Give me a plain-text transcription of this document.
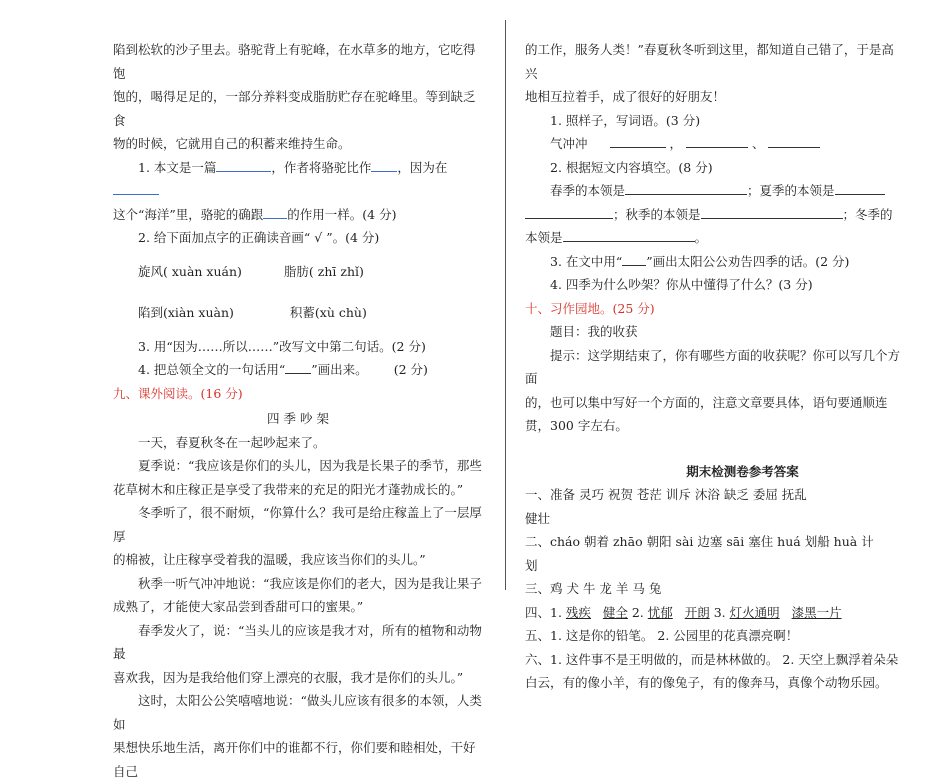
陷到松软的沙子里去。骆驼背上有驼峰，在水草多的地方，它吃得饱

饱的，喝得足足的，一部分养料变成脂肪贮存在驼峰里。等到缺乏食

物的时候，它就用自己的积蓄来维持生命。

1. 本文是一篇	，作者将骆驼比作 ，因为在

这个“海洋”里，骆驼的确跟 的作用一样。(4 分)

2. 给下面加点字的正确读音画“ √ ”。(4 分)

旋风( xuàn xuán)	脂肪( zhī zhǐ)

陷到(xiàn xuàn)	积蓄(xù chù)

3. 用“因为……所以……”改写文中第二句话。(2 分)

4. 把总领全文的一句话用“ ”画出来。 (2 分)

九、课外阅读。(16 分)

四 季 吵 架

一天，春夏秋冬在一起吵起来了。

夏季说：“我应该是你们的头儿，因为我是长果子的季节，那些

花草树木和庄稼正是享受了我带来的充足的阳光才蓬勃成长的。”

冬季听了，很不耐烦，“你算什么？我可是给庄稼盖上了一层厚厚

的棉被，让庄稼享受着我的温暖，我应该当你们的头儿。”

秋季一听气冲冲地说：“我应该是你们的老大，因为是我让果子

成熟了，才能使大家品尝到香甜可口的蜜果。”

春季发火了，说：“当头儿的应该是我才对，所有的植物和动物最

喜欢我，因为是我给他们穿上漂亮的衣服，我才是你们的头儿。”

这时，太阳公公笑嘻嘻地说：“做头儿应该有很多的本领，人类如

果想快乐地生活，离开你们中的谁都不行，你们要和睦相处，干好自己

的工作，服务人类！”春夏秋冬听到这里，都知道自己错了，于是高兴

地相互拉着手，成了很好的好朋友！

1. 照样子，写词语。(3 分)

气冲冲	，	、

2. 根据短文内容填空。(8 分)

春季的本领是	；夏季的本领是

；秋季的本领是	；冬季的

本领是	。

3. 在文中用“ ”画出太阳公公劝告四季的话。(2 分)

4. 四季为什么吵架？你从中懂得了什么？(3 分)

十、习作园地。(25 分)

题目：我的收获

提示：这学期结束了，你有哪些方面的收获呢？你可以写几个方面

的，也可以集中写好一个方面的，注意文章要具体，语句要通顺连

贯，300 字左右。

期末检测卷参考答案

一、准备 灵巧 祝贺 苍茫 训斥 沐浴 缺乏 委屈 抚乱

健壮

二、cháo 朝着 zhāo 朝阳 sài 边塞 sāi 塞住 huá 划船 huà 计

划

三、鸡 犬 牛 龙 羊 马 兔

四、1. 残疾 健全 2. 忧郁 开朗 3. 灯火通明 漆黑一片

五、1. 这是你的铅笔。 2. 公园里的花真漂亮啊！

六、1. 这件事不是王明做的，而是林林做的。 2. 天空上飘浮着朵朵

白云，有的像小羊，有的像兔子，有的像奔马，真像个动物乐园。
